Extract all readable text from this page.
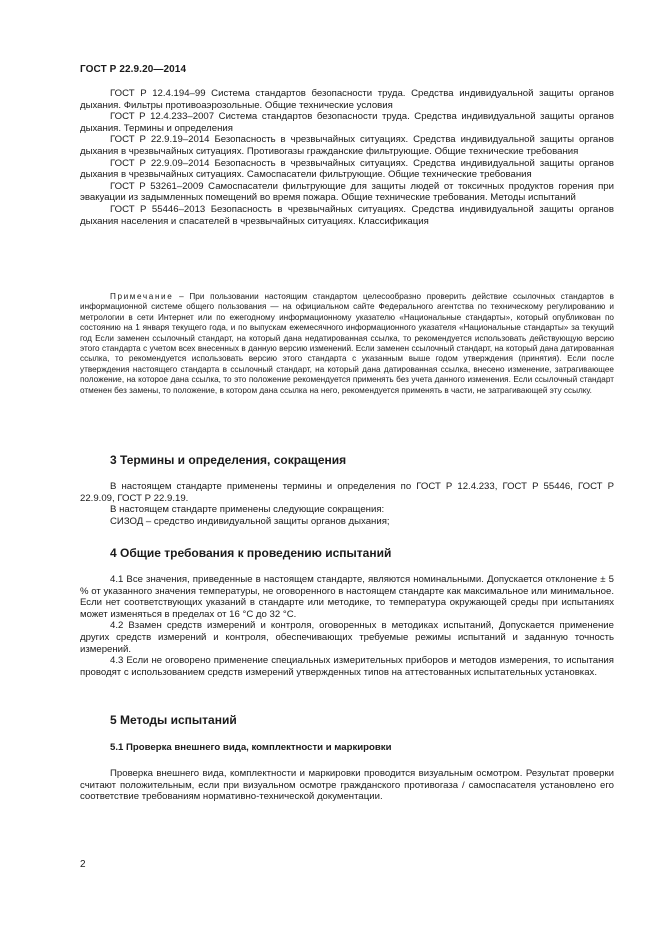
ГОСТ Р 22.9.20—2014

ГОСТ Р 12.4.194–99 Система стандартов безопасности труда. Средства индивидуальной защиты органов дыхания. Фильтры противоаэрозольные. Общие технические условия

ГОСТ Р 12.4.233–2007 Система стандартов безопасности труда. Средства индивидуальной защиты органов дыхания. Термины и определения

ГОСТ Р 22.9.19–2014 Безопасность в чрезвычайных ситуациях. Средства индивидуальной защиты органов дыхания в чрезвычайных ситуациях. Противогазы гражданские фильтрующие. Общие технические требования

ГОСТ Р 22.9.09–2014 Безопасность в чрезвычайных ситуациях. Средства индивидуальной защиты органов дыхания в чрезвычайных ситуациях. Самоспасатели фильтрующие. Общие технические требования

ГОСТ Р 53261–2009 Самоспасатели фильтрующие для защиты людей от токсичных продуктов горения при эвакуации из задымленных помещений во время пожара. Общие технические требования. Методы испытаний

ГОСТ Р 55446–2013 Безопасность в чрезвычайных ситуациях. Средства индивидуальной защиты органов дыхания населения и спасателей в чрезвычайных ситуациях. Классификация

Примечание – При пользовании настоящим стандартом целесообразно проверить действие ссылочных стандартов в информационной системе общего пользования — на официальном сайте Федерального агентства по техническому регулированию и метрологии в сети Интернет или по ежегодному информационному указателю «Национальные стандарты», который опубликован по состоянию на 1 января текущего года, и по выпускам ежемесячного информационного указателя «Национальные стандарты» за текущий год Если заменен ссылочный стандарт, на который дана недатированная ссылка, то рекомендуется использовать действующую версию этого стандарта с учетом всех внесенных в данную версию изменений. Если заменен ссылочный стандарт, на который дана датированная ссылка, то рекомендуется использовать версию этого стандарта с указанным выше годом утверждения (принятия). Если после утверждения настоящего стандарта в ссылочный стандарт, на который дана датированная ссылка, внесено изменение, затрагивающее положение, на которое дана ссылка, то это положение рекомендуется применять без учета данного изменения. Если ссылочный стандарт отменен без замены, то положение, в котором дана ссылка на него, рекомендуется применять в части, не затрагивающей эту ссылку.

3 Термины и определения, сокращения

В настоящем стандарте применены термины и определения по ГОСТ Р 12.4.233, ГОСТ Р 55446, ГОСТ Р 22.9.09, ГОСТ Р 22.9.19.

В настоящем стандарте применены следующие сокращения:

СИЗОД – средство индивидуальной защиты органов дыхания;

4 Общие требования к проведению испытаний

4.1 Все значения, приведенные в настоящем стандарте, являются номинальными. Допускается отклонение ± 5 % от указанного значения температуры, не оговоренного в настоящем стандарте как максимальное или минимальное. Если нет соответствующих указаний в стандарте или методике, то температура окружающей среды при испытаниях может изменяться в пределах от 16 °С до 32 °С.

4.2 Взамен средств измерений и контроля, оговоренных в методиках испытаний, Допускается применение других средств измерений и контроля, обеспечивающих требуемые режимы испытаний и заданную точность измерений.

4.3 Если не оговорено применение специальных измерительных приборов и методов измерения, то испытания проводят с использованием средств измерений утвержденных типов на аттестованных испытательных установках.

5 Методы испытаний
5.1 Проверка внешнего вида, комплектности и маркировки

Проверка внешнего вида, комплектности и маркировки проводится визуальным осмотром. Результат проверки считают положительным, если при визуальном осмотре гражданского противогаза / самоспасателя установлено его соответствие требованиям нормативно-технической документации.

2
